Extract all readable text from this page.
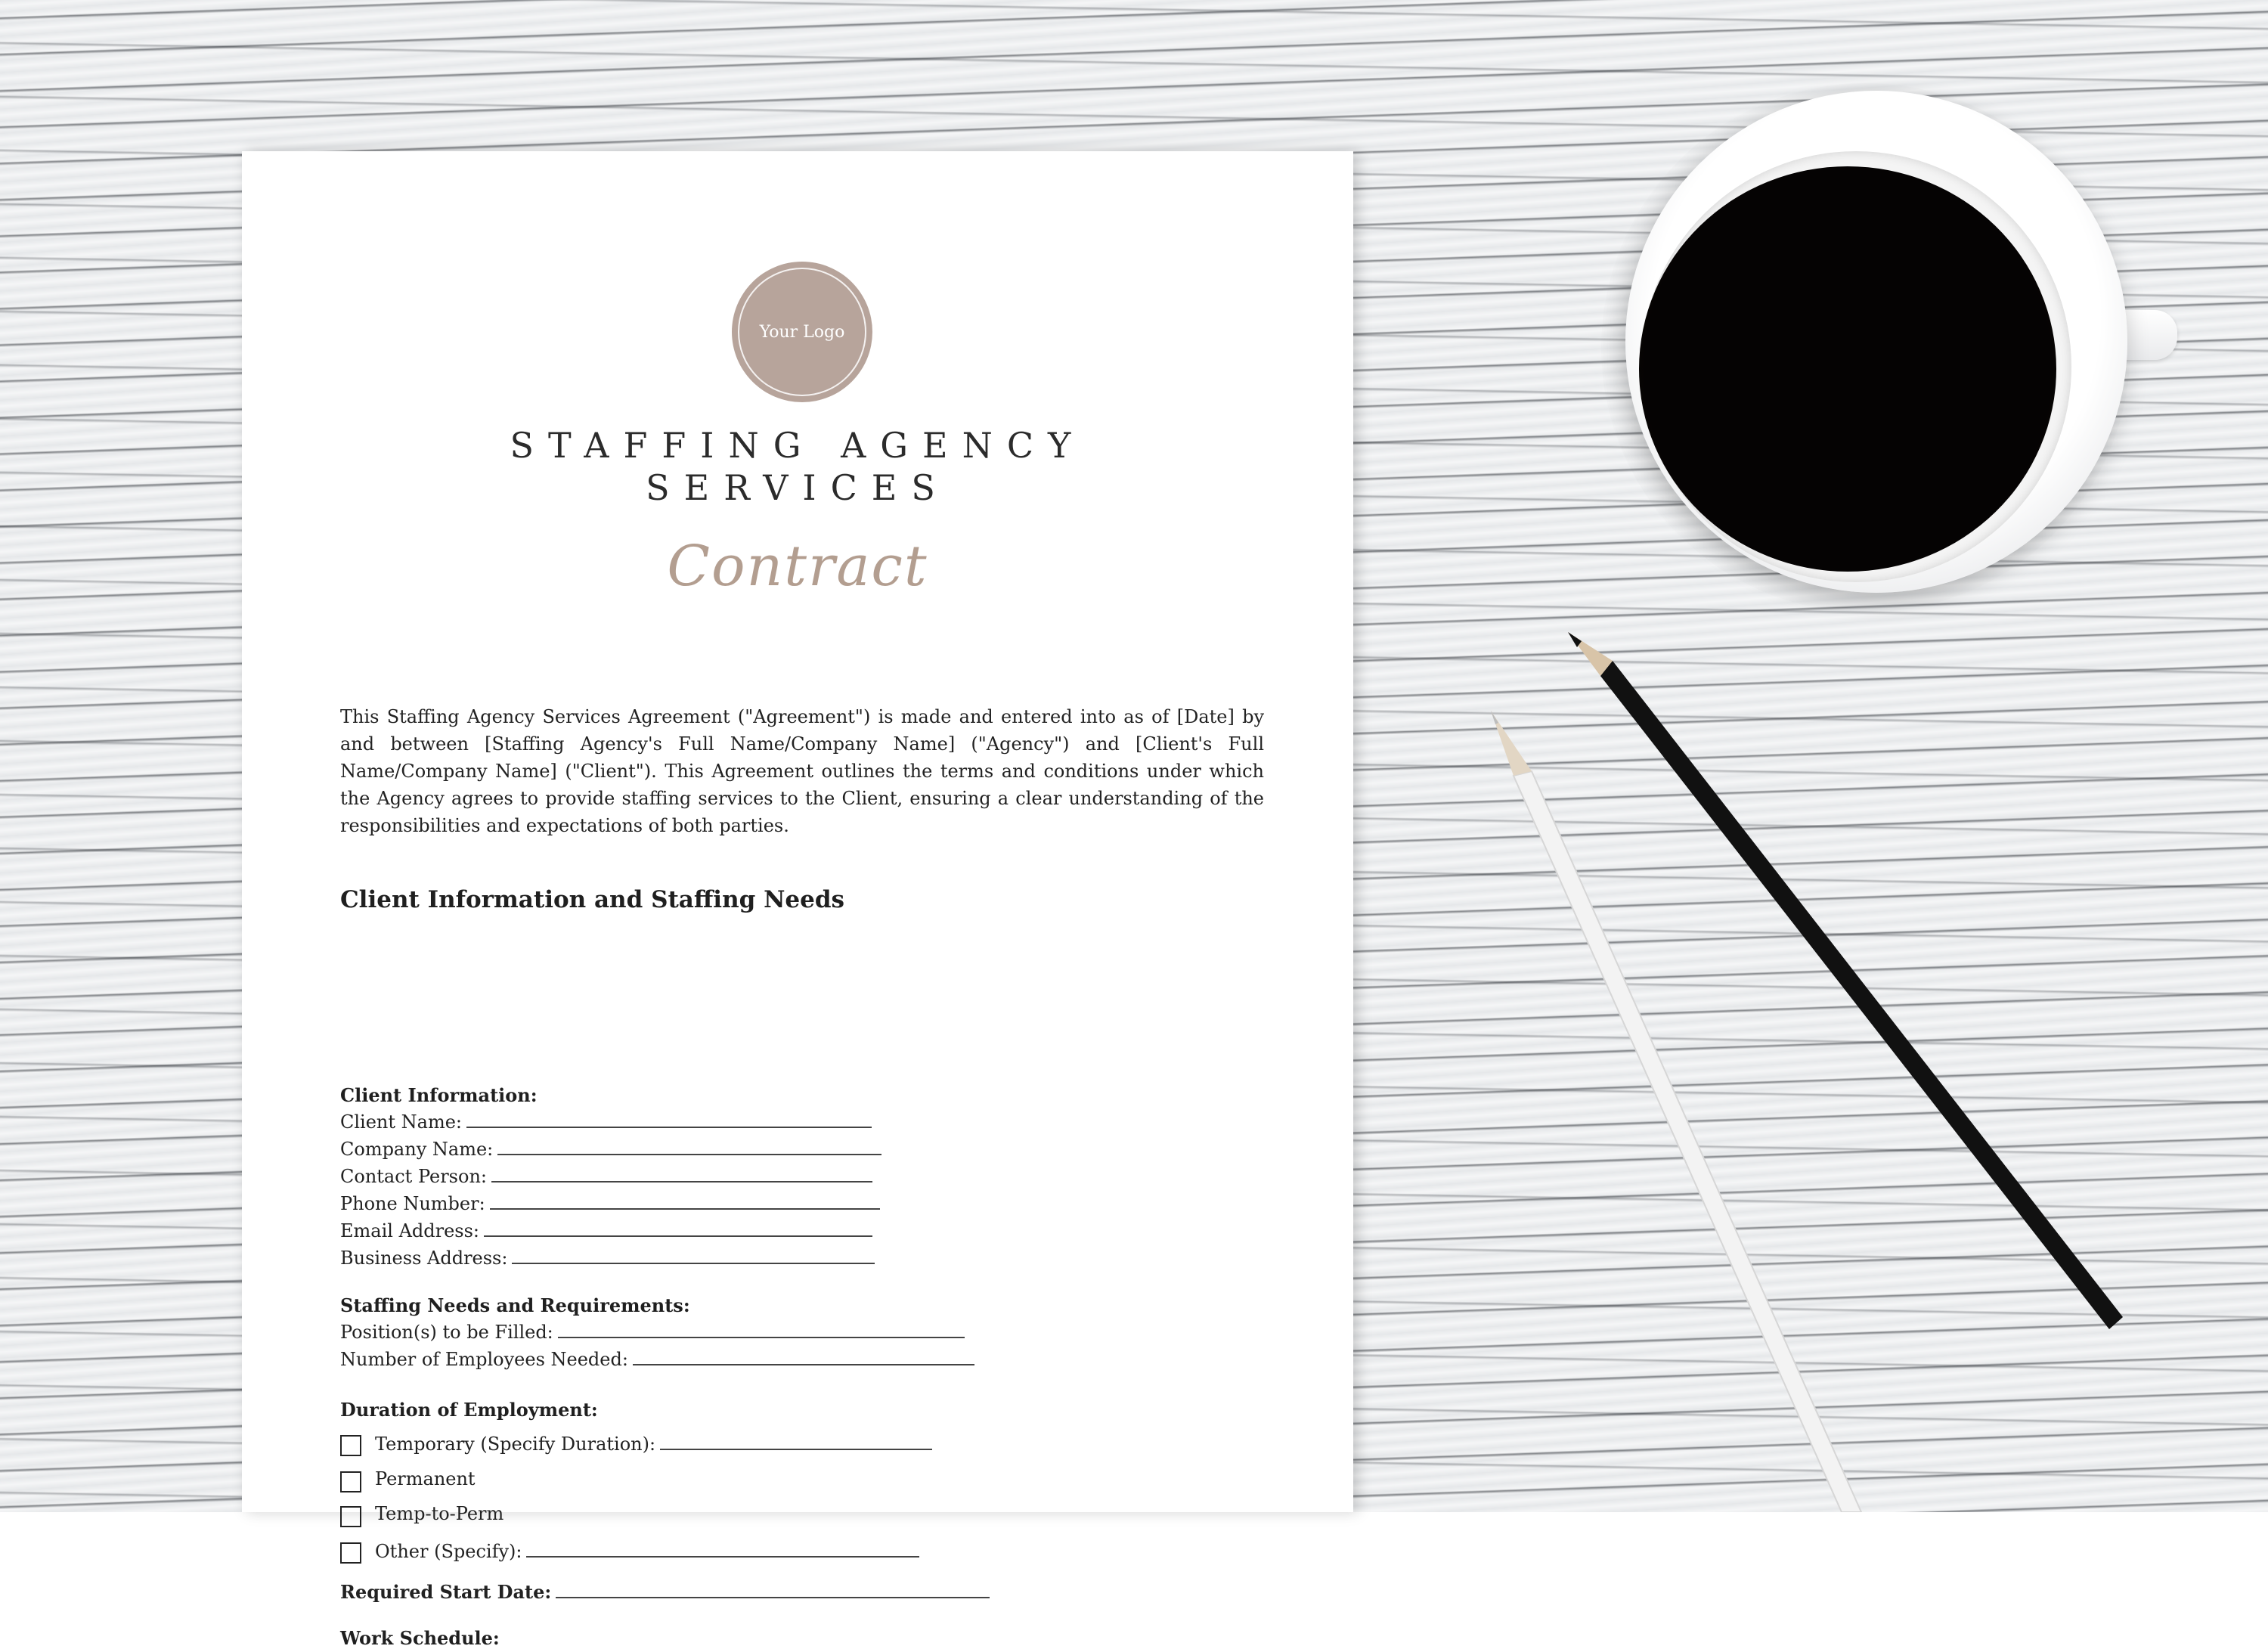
Your Logo
STAFFING AGENCY
SERVICES
Contract
This Staffing Agency Services Agreement ("Agreement") is made and entered into as of [Date] by and between [Staffing Agency's Full Name/Company Name] ("Agency") and [Client's Full Name/Company Name] ("Client"). This Agreement outlines the terms and conditions under which the Agency agrees to provide staffing services to the Client, ensuring a clear understanding of the responsibilities and expectations of both parties.
Client Information and Staffing Needs
Client Information:
Client Name:
Company Name:
Contact Person:
Phone Number:
Email Address:
Business Address:
Staffing Needs and Requirements:
Position(s) to be Filled:
Number of Employees Needed:
Duration of Employment:
Temporary (Specify Duration):
Permanent
Temp-to-Perm
Other (Specify):
Required Start Date:
Work Schedule:
